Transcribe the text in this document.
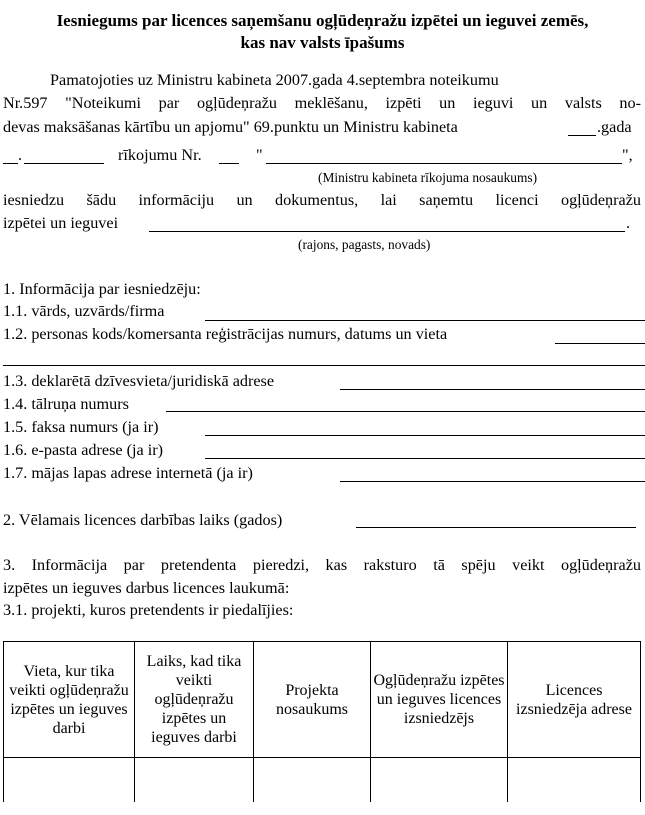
Iesniegums par licences saņemšanu ogļūdeņražu izpētei un ieguvei zemēs,
kas nav valsts īpašums
Pamatojoties uz Ministru kabineta 2007.gada 4.septembra noteikumu
Nr.597 "Noteikumi par ogļūdeņražu meklēšanu, izpēti un ieguvi un valsts no-
devas maksāšanas kārtību un apjomu" 69.punktu un Ministru kabineta	.gada
.	rīkojumu Nr.	"	",
(Ministru kabineta rīkojuma nosaukums)
iesniedzu šādu informāciju un dokumentus, lai saņemtu licenci ogļūdeņražu
izpētei un ieguvei	.
(rajons, pagasts, novads)
1. Informācija par iesniedzēju:
1.1. vārds, uzvārds/firma
1.2. personas kods/komersanta reģistrācijas numurs, datums un vieta
1.3. deklarētā dzīvesvieta/juridiskā adrese
1.4. tālruņa numurs
1.5. faksa numurs (ja ir)
1.6. e-pasta adrese (ja ir)
1.7. mājas lapas adrese internetā (ja ir)
2. Vēlamais licences darbības laiks (gados)
3. Informācija par pretendenta pieredzi, kas raksturo tā spēju veikt ogļūdeņražu
izpētes un ieguves darbus licences laukumā:
3.1. projekti, kuros pretendents ir piedalījies:
Vieta, kur tika veikti ogļūdeņražu izpētes un ieguves darbi	Laiks, kad tika veikti ogļūdeņražu izpētes un ieguves darbi	Projekta nosaukums	Ogļūdeņražu izpētes un ieguves licences izsniedzējs	Licences izsniedzēja adrese
